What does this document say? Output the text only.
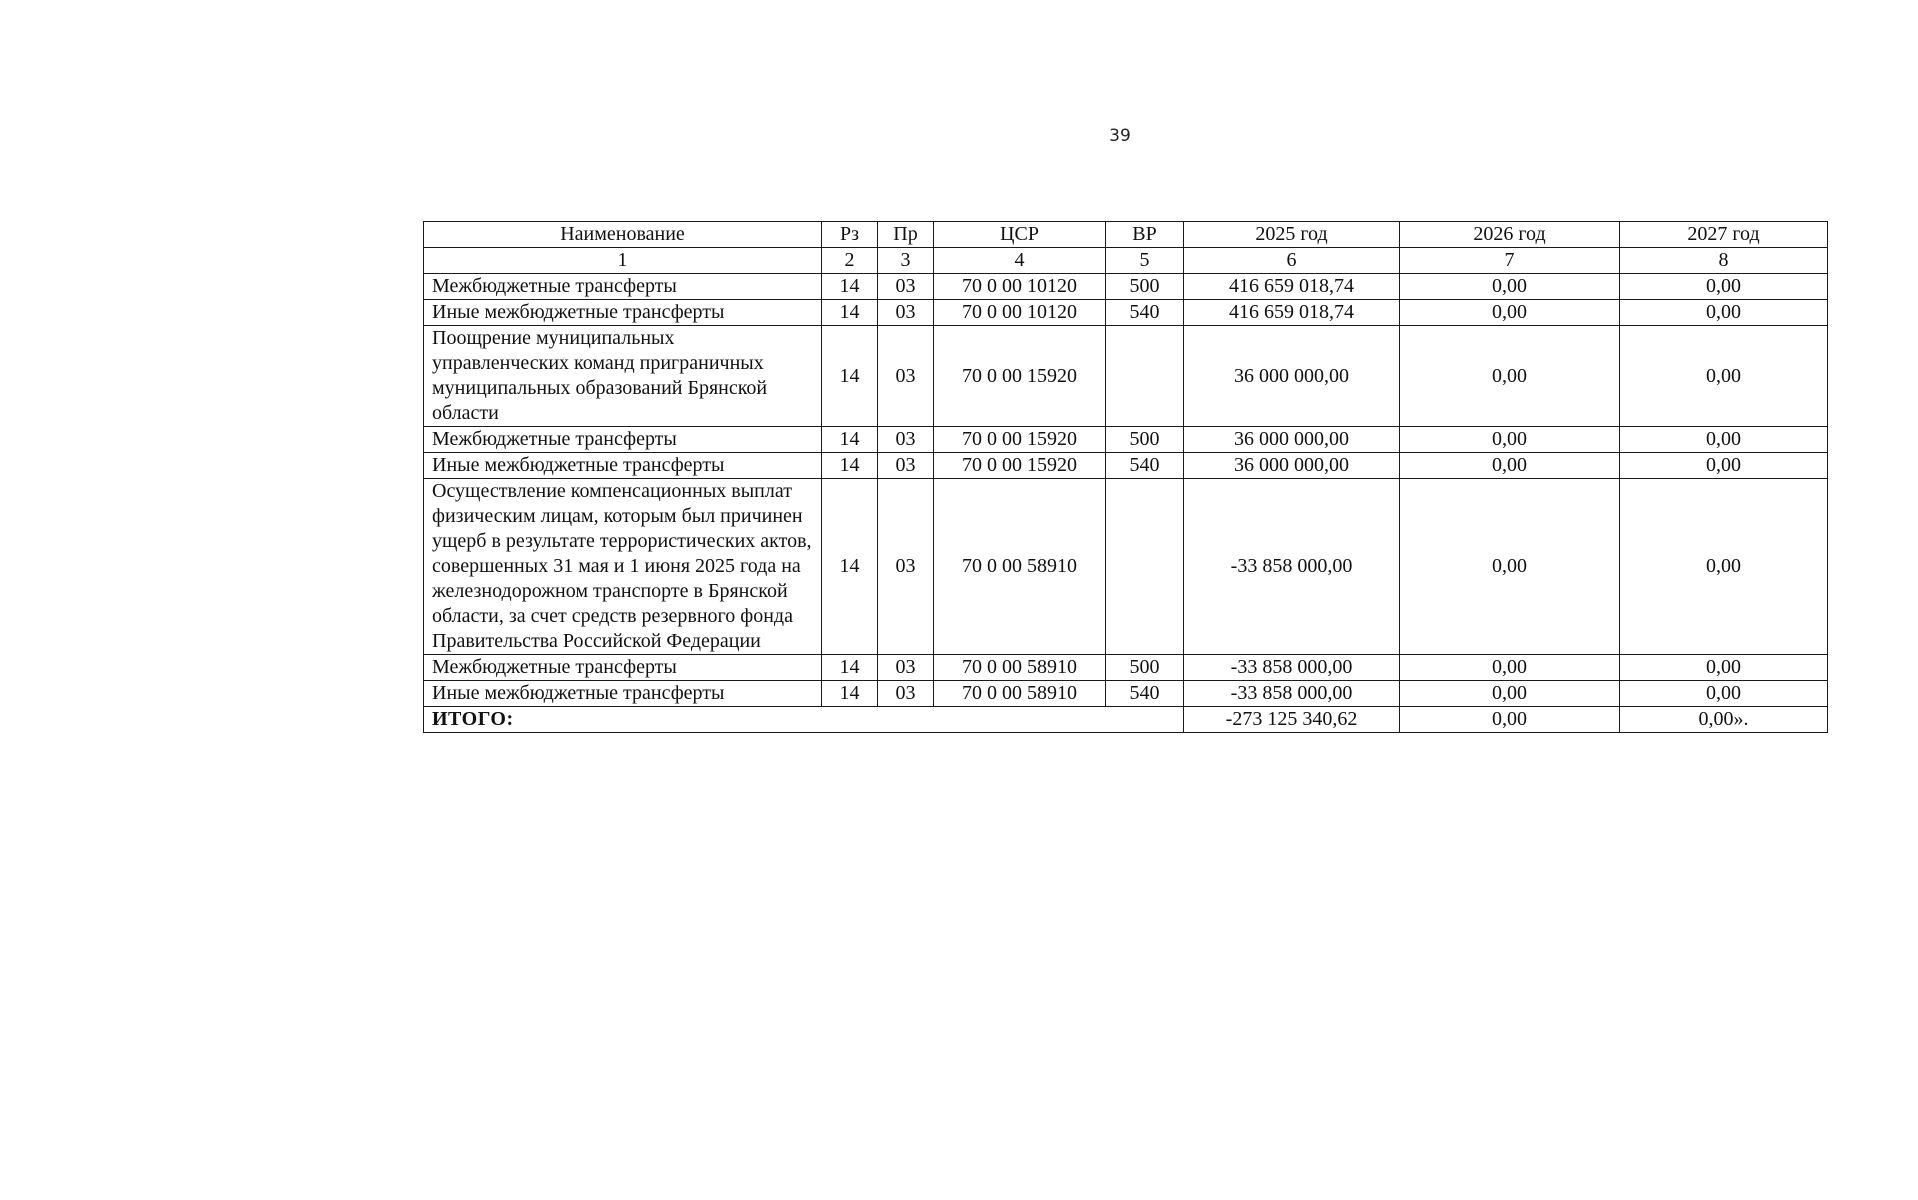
39
Наименование	Рз	Пр	ЦСР	ВР	2025 год	2026 год	2027 год
1	2	3	4	5	6	7	8
Межбюджетные трансферты	14	03	70 0 00 10120	500	416 659 018,74	0,00	0,00
Иные межбюджетные трансферты	14	03	70 0 00 10120	540	416 659 018,74	0,00	0,00
Поощрение муниципальных управленческих команд приграничных муниципальных образований Брянской области	14	03	70 0 00 15920		36 000 000,00	0,00	0,00
Межбюджетные трансферты	14	03	70 0 00 15920	500	36 000 000,00	0,00	0,00
Иные межбюджетные трансферты	14	03	70 0 00 15920	540	36 000 000,00	0,00	0,00
Осуществление компенсационных выплат физическим лицам, которым был причинен ущерб в результате террористических актов, совершенных 31 мая и 1 июня 2025 года на железнодорожном транспорте в Брянской области, за счет средств резервного фонда Правительства Российской Федерации	14	03	70 0 00 58910		-33 858 000,00	0,00	0,00
Межбюджетные трансферты	14	03	70 0 00 58910	500	-33 858 000,00	0,00	0,00
Иные межбюджетные трансферты	14	03	70 0 00 58910	540	-33 858 000,00	0,00	0,00
ИТОГО:					-273 125 340,62	0,00	0,00».
